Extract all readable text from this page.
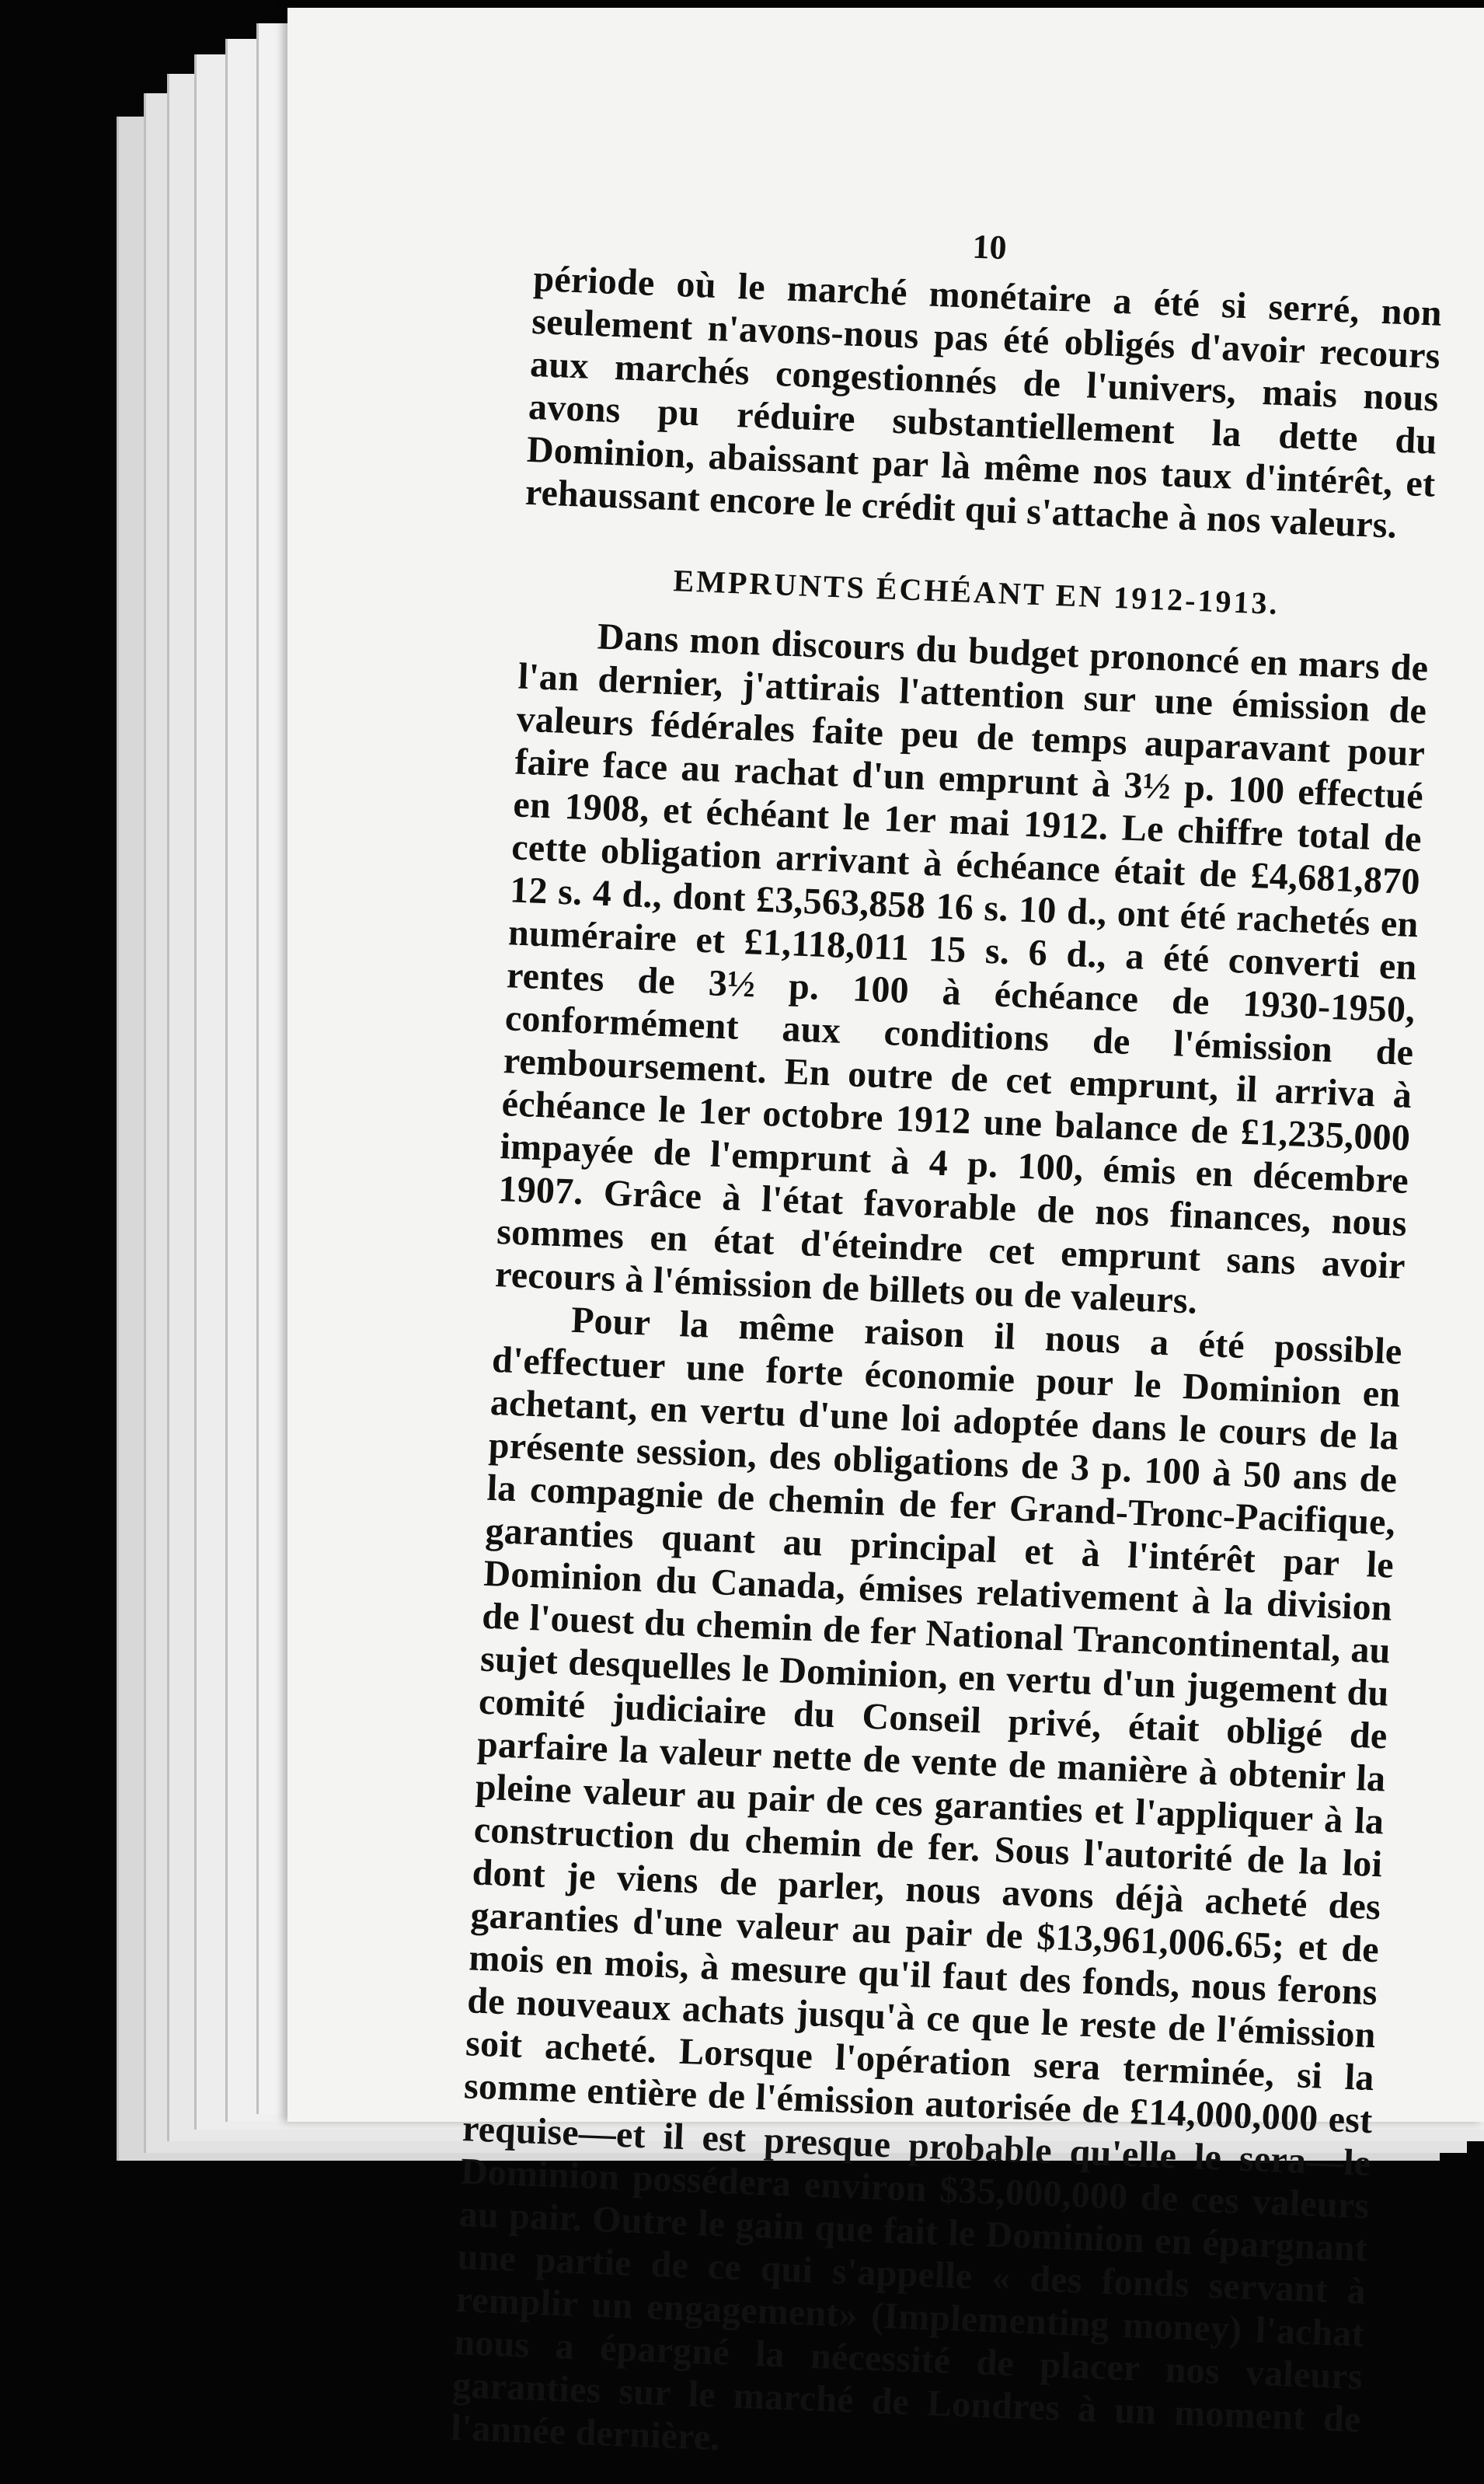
10

période où le marché monétaire a été si serré, non seulement n'avons-nous pas été obligés d'avoir recours aux marchés congestionnés de l'univers, mais nous avons pu réduire substantiellement la dette du Dominion, abaissant par là même nos taux d'intérêt, et rehaussant encore le crédit qui s'attache à nos valeurs.

EMPRUNTS ÉCHÉANT EN 1912-1913.

Dans mon discours du budget prononcé en mars de l'an dernier, j'attirais l'attention sur une émission de valeurs fédérales faite peu de temps auparavant pour faire face au rachat d'un emprunt à 3½ p. 100 effectué en 1908, et échéant le 1er mai 1912. Le chiffre total de cette obligation arrivant à échéance était de £4,681,870 12 s. 4 d., dont £3,563,858 16 s. 10 d., ont été rachetés en numéraire et £1,118,011 15 s. 6 d., a été converti en rentes de 3½ p. 100 à échéance de 1930-1950, conformément aux conditions de l'émission de remboursement. En outre de cet emprunt, il arriva à échéance le 1er octobre 1912 une balance de £1,235,000 impayée de l'emprunt à 4 p. 100, émis en décembre 1907. Grâce à l'état favorable de nos finances, nous sommes en état d'éteindre cet emprunt sans avoir recours à l'émission de billets ou de valeurs.

Pour la même raison il nous a été possible d'effectuer une forte économie pour le Dominion en achetant, en vertu d'une loi adoptée dans le cours de la présente session, des obligations de 3 p. 100 à 50 ans de la compagnie de chemin de fer Grand-Tronc-Pacifique, garanties quant au principal et à l'intérêt par le Dominion du Canada, émises relativement à la division de l'ouest du chemin de fer National Trancontinental, au sujet desquelles le Dominion, en vertu d'un jugement du comité judiciaire du Conseil privé, était obligé de parfaire la valeur nette de vente de manière à obtenir la pleine valeur au pair de ces garanties et l'appliquer à la construction du chemin de fer. Sous l'autorité de la loi dont je viens de parler, nous avons déjà acheté des garanties d'une valeur au pair de $13,961,006.65; et de mois en mois, à mesure qu'il faut des fonds, nous ferons de nouveaux achats jusqu'à ce que le reste de l'émission soit acheté. Lorsque l'opération sera terminée, si la somme entière de l'émission autorisée de £14,000,000 est requise—et il est presque probable qu'elle le sera—le Dominion possédera environ $35,000,000 de ces valeurs au pair. Outre le gain que fait le Dominion en épargnant une partie de ce qui s'appelle « des fonds servant à remplir un engagement» (Implementing money) l'achat nous a épargné la nécessité de placer nos valeurs garanties sur le marché de Londres à un moment de l'année dernière.
